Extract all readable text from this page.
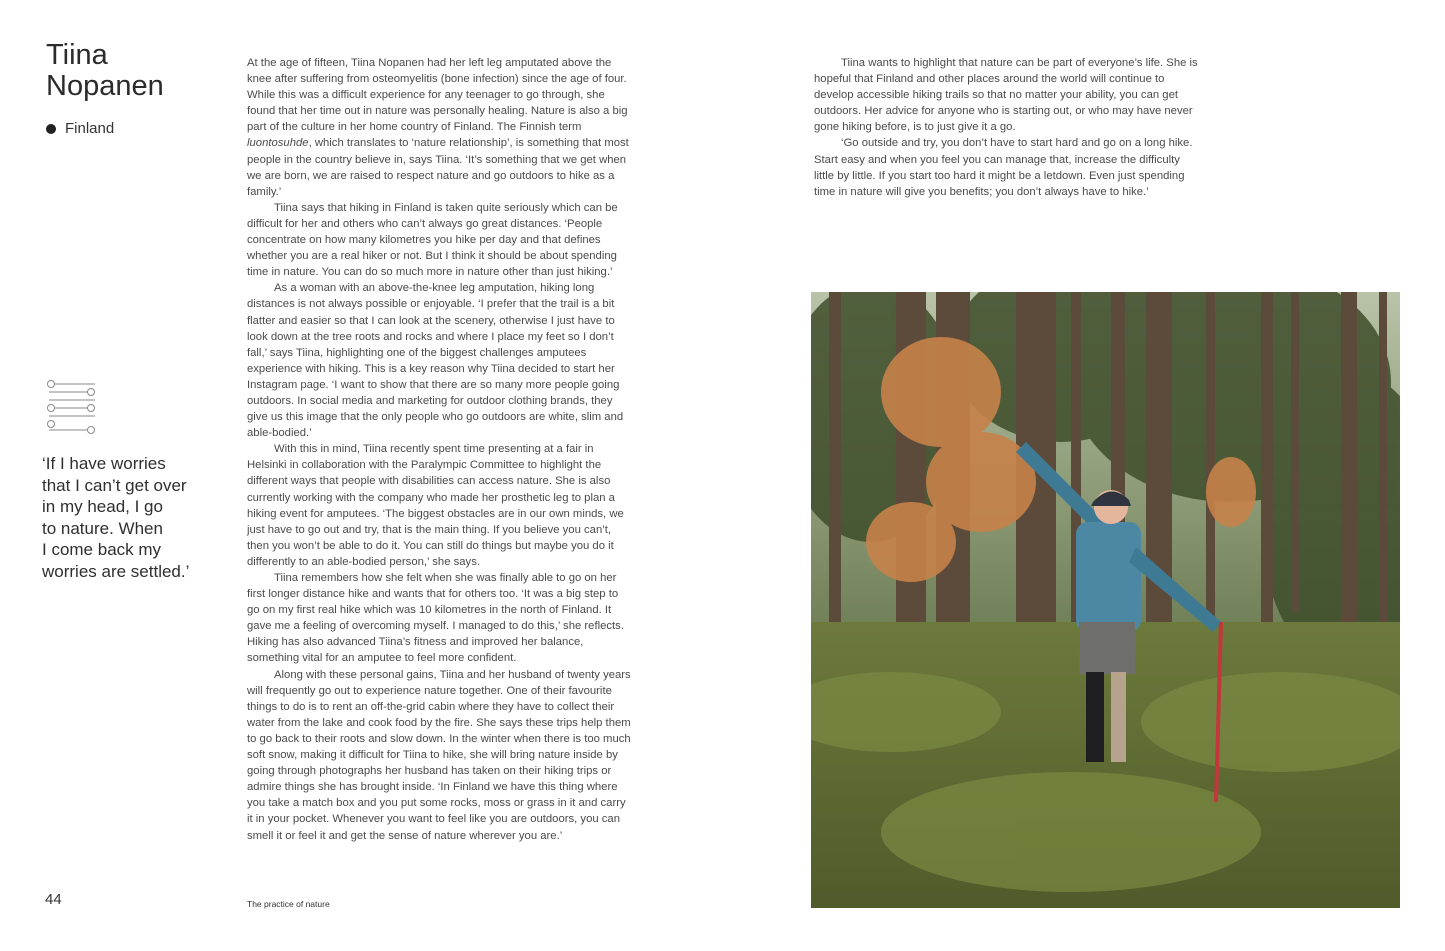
Tiina
Nopanen
Finland

‘If I have worries

that I can’t get over

in my head, I go

to nature. When

I come back my

worries are settled.’

At the age of fifteen, Tiina Nopanen had her left leg amputated above the knee after suffering from osteomyelitis (bone infection) since the age of four. While this was a difficult experience for any teenager to go through, she found that her time out in nature was personally healing. Nature is also a big part of the culture in her home country of Finland. The Finnish term luontosuhde, which translates to ‘nature relationship’, is something that most people in the country believe in, says Tiina. ‘It’s something that we get when we are born, we are raised to respect nature and go outdoors to hike as a family.’

Tiina says that hiking in Finland is taken quite seriously which can be difficult for her and others who can’t always go great distances. ‘People concentrate on how many kilometres you hike per day and that defines whether you are a real hiker or not. But I think it should be about spending time in nature. You can do so much more in nature other than just hiking.’

As a woman with an above-the-knee leg amputation, hiking long distances is not always possible or enjoyable. ‘I prefer that the trail is a bit flatter and easier so that I can look at the scenery, otherwise I just have to look down at the tree roots and rocks and where I place my feet so I don’t fall,’ says Tiina, highlighting one of the biggest challenges amputees experience with hiking. This is a key reason why Tiina decided to start her Instagram page. ‘I want to show that there are so many more people going outdoors. In social media and marketing for outdoor clothing brands, they give us this image that the only people who go outdoors are white, slim and able-bodied.’

With this in mind, Tiina recently spent time presenting at a fair in Helsinki in collaboration with the Paralympic Committee to highlight the different ways that people with disabilities can access nature. She is also currently working with the company who made her prosthetic leg to plan a hiking event for amputees. ‘The biggest obstacles are in our own minds, we just have to go out and try, that is the main thing. If you believe you can’t, then you won’t be able to do it. You can still do things but maybe you do it differently to an able-bodied person,’ she says.

Tiina remembers how she felt when she was finally able to go on her first longer distance hike and wants that for others too. ‘It was a big step to go on my first real hike which was 10 kilometres in the north of Finland. It gave me a feeling of overcoming myself. I managed to do this,’ she reflects. Hiking has also advanced Tiina’s fitness and improved her balance, something vital for an amputee to feel more confident.

Along with these personal gains, Tiina and her husband of twenty years will frequently go out to experience nature together. One of their favourite things to do is to rent an off-the-grid cabin where they have to collect their water from the lake and cook food by the fire. She says these trips help them to go back to their roots and slow down. In the winter when there is too much soft snow, making it difficult for Tiina to hike, she will bring nature inside by going through photographs her husband has taken on their hiking trips or admire things she has brought inside. ‘In Finland we have this thing where you take a match box and you put some rocks, moss or grass in it and carry it in your pocket. Whenever you want to feel like you are outdoors, you can smell it or feel it and get the sense of nature wherever you are.’

Tiina wants to highlight that nature can be part of everyone’s life. She is hopeful that Finland and other places around the world will continue to develop accessible hiking trails so that no matter your ability, you can get outdoors. Her advice for anyone who is starting out, or who may have never gone hiking before, is to just give it a go.

‘Go outside and try, you don’t have to start hard and go on a long hike. Start easy and when you feel you can manage that, increase the difficulty little by little. If you start too hard it might be a letdown. Even just spending time in nature will give you benefits; you don’t always have to hike.’

44	The practice of nature
